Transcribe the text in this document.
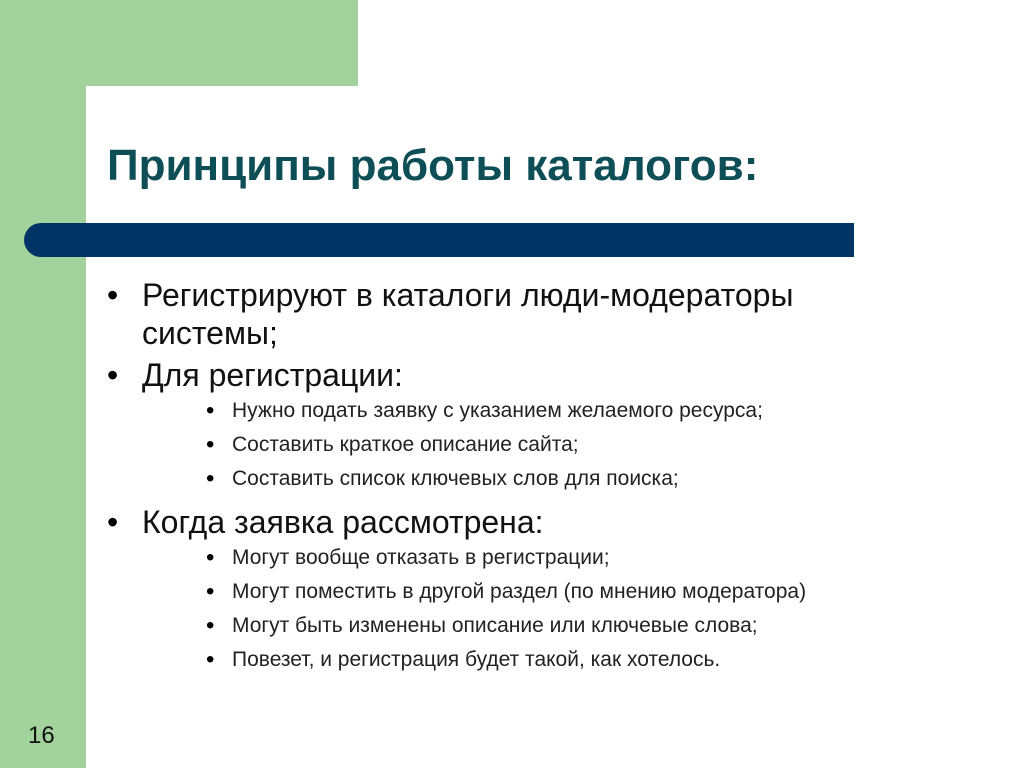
Принципы работы каталогов:
• Регистрируют в каталоги люди-модераторы системы;
• Для регистрации:
• Нужно подать заявку с указанием желаемого ресурса;
• Составить краткое описание сайта;
• Составить список ключевых слов для поиска;
• Когда заявка рассмотрена:
• Могут вообще отказать в регистрации;
• Могут поместить в другой раздел (по мнению модератора)
• Могут быть изменены описание или ключевые слова;
• Повезет, и регистрация будет такой, как хотелось.
16
